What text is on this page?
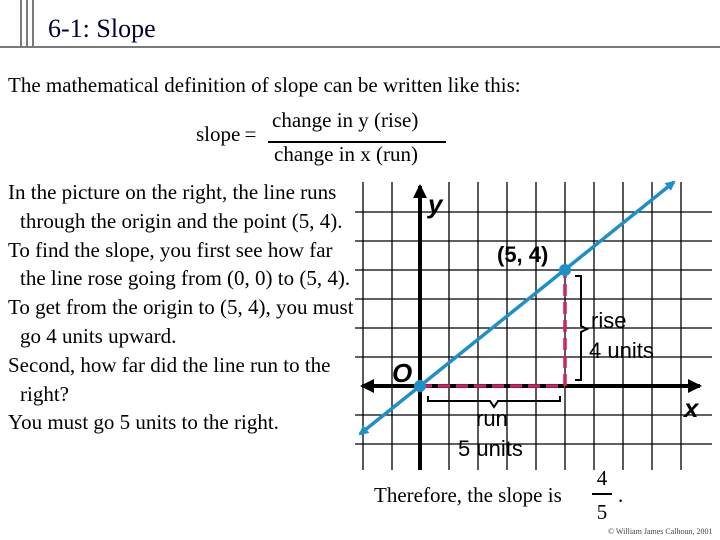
6-1: Slope
The mathematical definition of slope can be written like this:
slope =
change in y (rise)
change in x (run)

In the picture on the right, the line runs through the origin and the point (5, 4).

To find the slope, you first see how far the line rose going from (0, 0) to (5, 4).

To get from the origin to (5, 4), you must go 4 units upward.

Second, how far did the line run to the right?

You must go 5 units to the right.

y
x
O
(5, 4)
rise
4 units
run
5 units
Therefore, the slope is
4
5
.
© William James Calhoun, 2001
